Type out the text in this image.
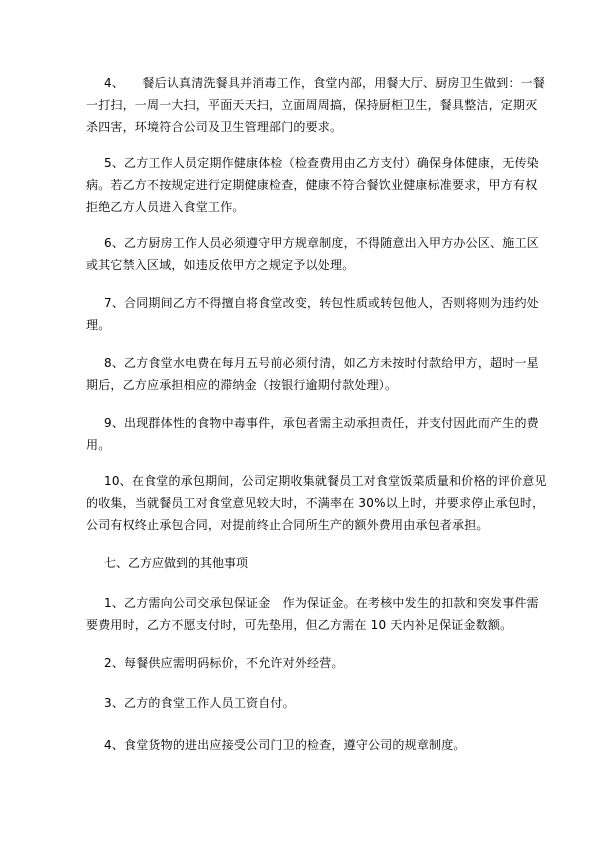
4、　　餐后认真清洗餐具并消毒工作，食堂内部，用餐大厅、厨房卫生做到：一餐一打扫，一周一大扫，平面天天扫，立面周周搞，保持厨柜卫生，餐具整洁，定期灭杀四害，环境符合公司及卫生管理部门的要求。

5、乙方工作人员定期作健康体检（检查费用由乙方支付）确保身体健康，无传染病。若乙方不按规定进行定期健康检查，健康不符合餐饮业健康标准要求，甲方有权拒绝乙方人员进入食堂工作。

6、乙方厨房工作人员必须遵守甲方规章制度，不得随意出入甲方办公区、施工区或其它禁入区域，如违反依甲方之规定予以处理。

7、合同期间乙方不得擅自将食堂改变，转包性质或转包他人，否则将则为违约处理。

8、乙方食堂水电费在每月五号前必须付清，如乙方未按时付款给甲方，超时一星期后，乙方应承担相应的滞纳金（按银行逾期付款处理）。

9、出现群体性的食物中毒事件，承包者需主动承担责任，并支付因此而产生的费用。

10、在食堂的承包期间，公司定期收集就餐员工对食堂饭菜质量和价格的评价意见的收集，当就餐员工对食堂意见较大时，不满率在 30%以上时，并要求停止承包时，公司有权终止承包合同，对提前终止合同所生产的额外费用由承包者承担。

七、乙方应做到的其他事项

1、乙方需向公司交承包保证金　作为保证金。在考核中发生的扣款和突发事件需要费用时，乙方不愿支付时，可先垫用，但乙方需在 10 天内补足保证金数额。

2、每餐供应需明码标价，不允许对外经营。

3、乙方的食堂工作人员工资自付。

4、食堂货物的进出应接受公司门卫的检查，遵守公司的规章制度。
